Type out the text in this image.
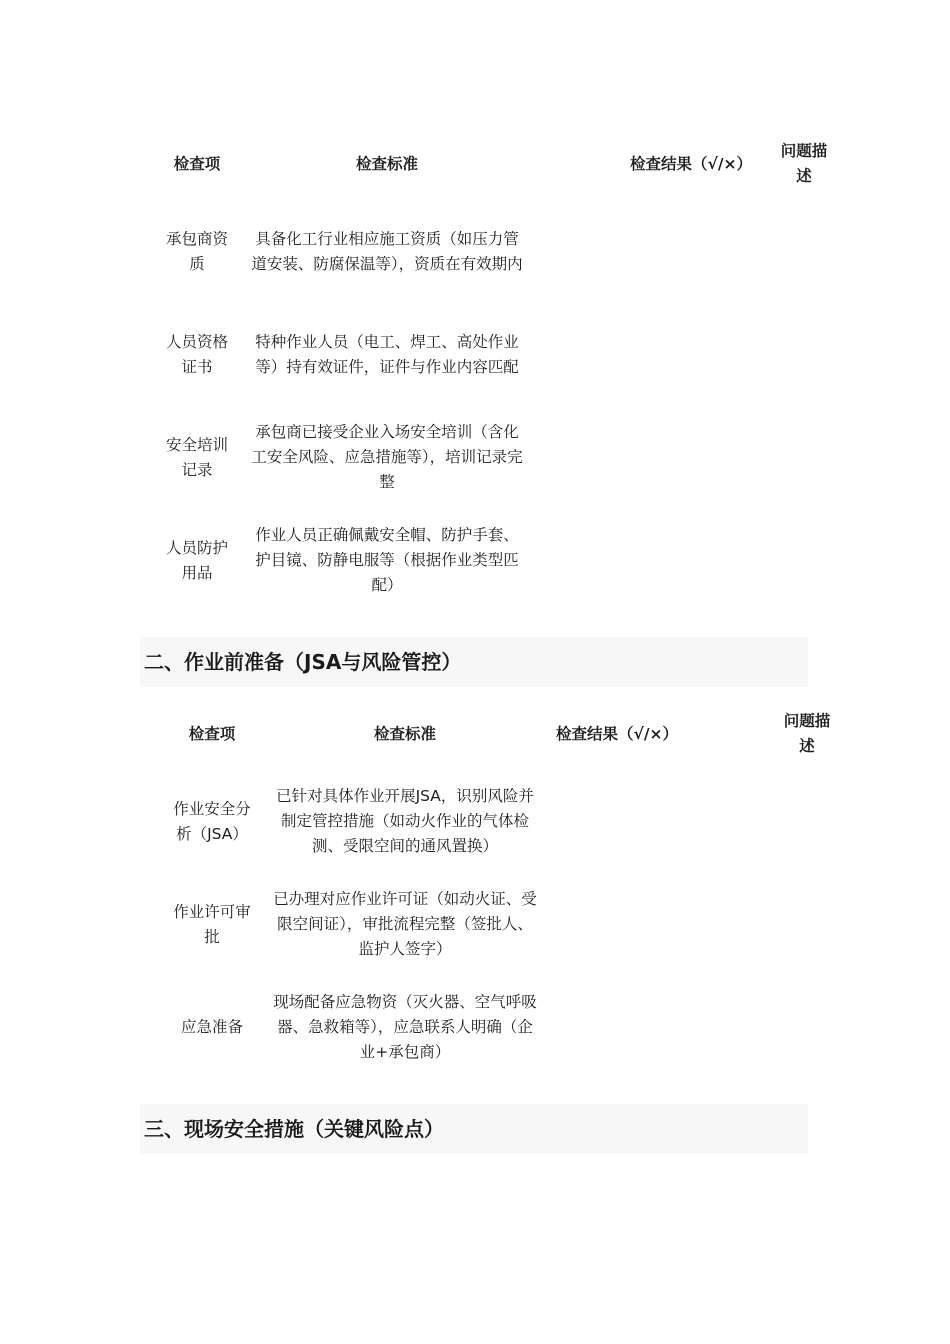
检查项	检查标准		检查结果（√/×）	问题描述
承包商资质	具备化工行业相应施工资质（如压力管道安装、防腐保温等），资质在有效期内			
人员资格证书	特种作业人员（电工、焊工、高处作业等）持有效证件，证件与作业内容匹配			
安全培训记录	承包商已接受企业入场安全培训（含化工安全风险、应急措施等），培训记录完整			
人员防护用品	作业人员正确佩戴安全帽、防护手套、护目镜、防静电服等（根据作业类型匹配）			
二、作业前准备（JSA与风险管控）
检查项	检查标准	检查结果（√/×）		问题描述
作业安全分析（JSA）	已针对具体作业开展JSA，识别风险并制定管控措施（如动火作业的气体检测、受限空间的通风置换）			
作业许可审批	已办理对应作业许可证（如动火证、受限空间证），审批流程完整（签批人、监护人签字）			
应急准备	现场配备应急物资（灭火器、空气呼吸器、急救箱等），应急联系人明确（企业+承包商）			
三、现场安全措施（关键风险点）
